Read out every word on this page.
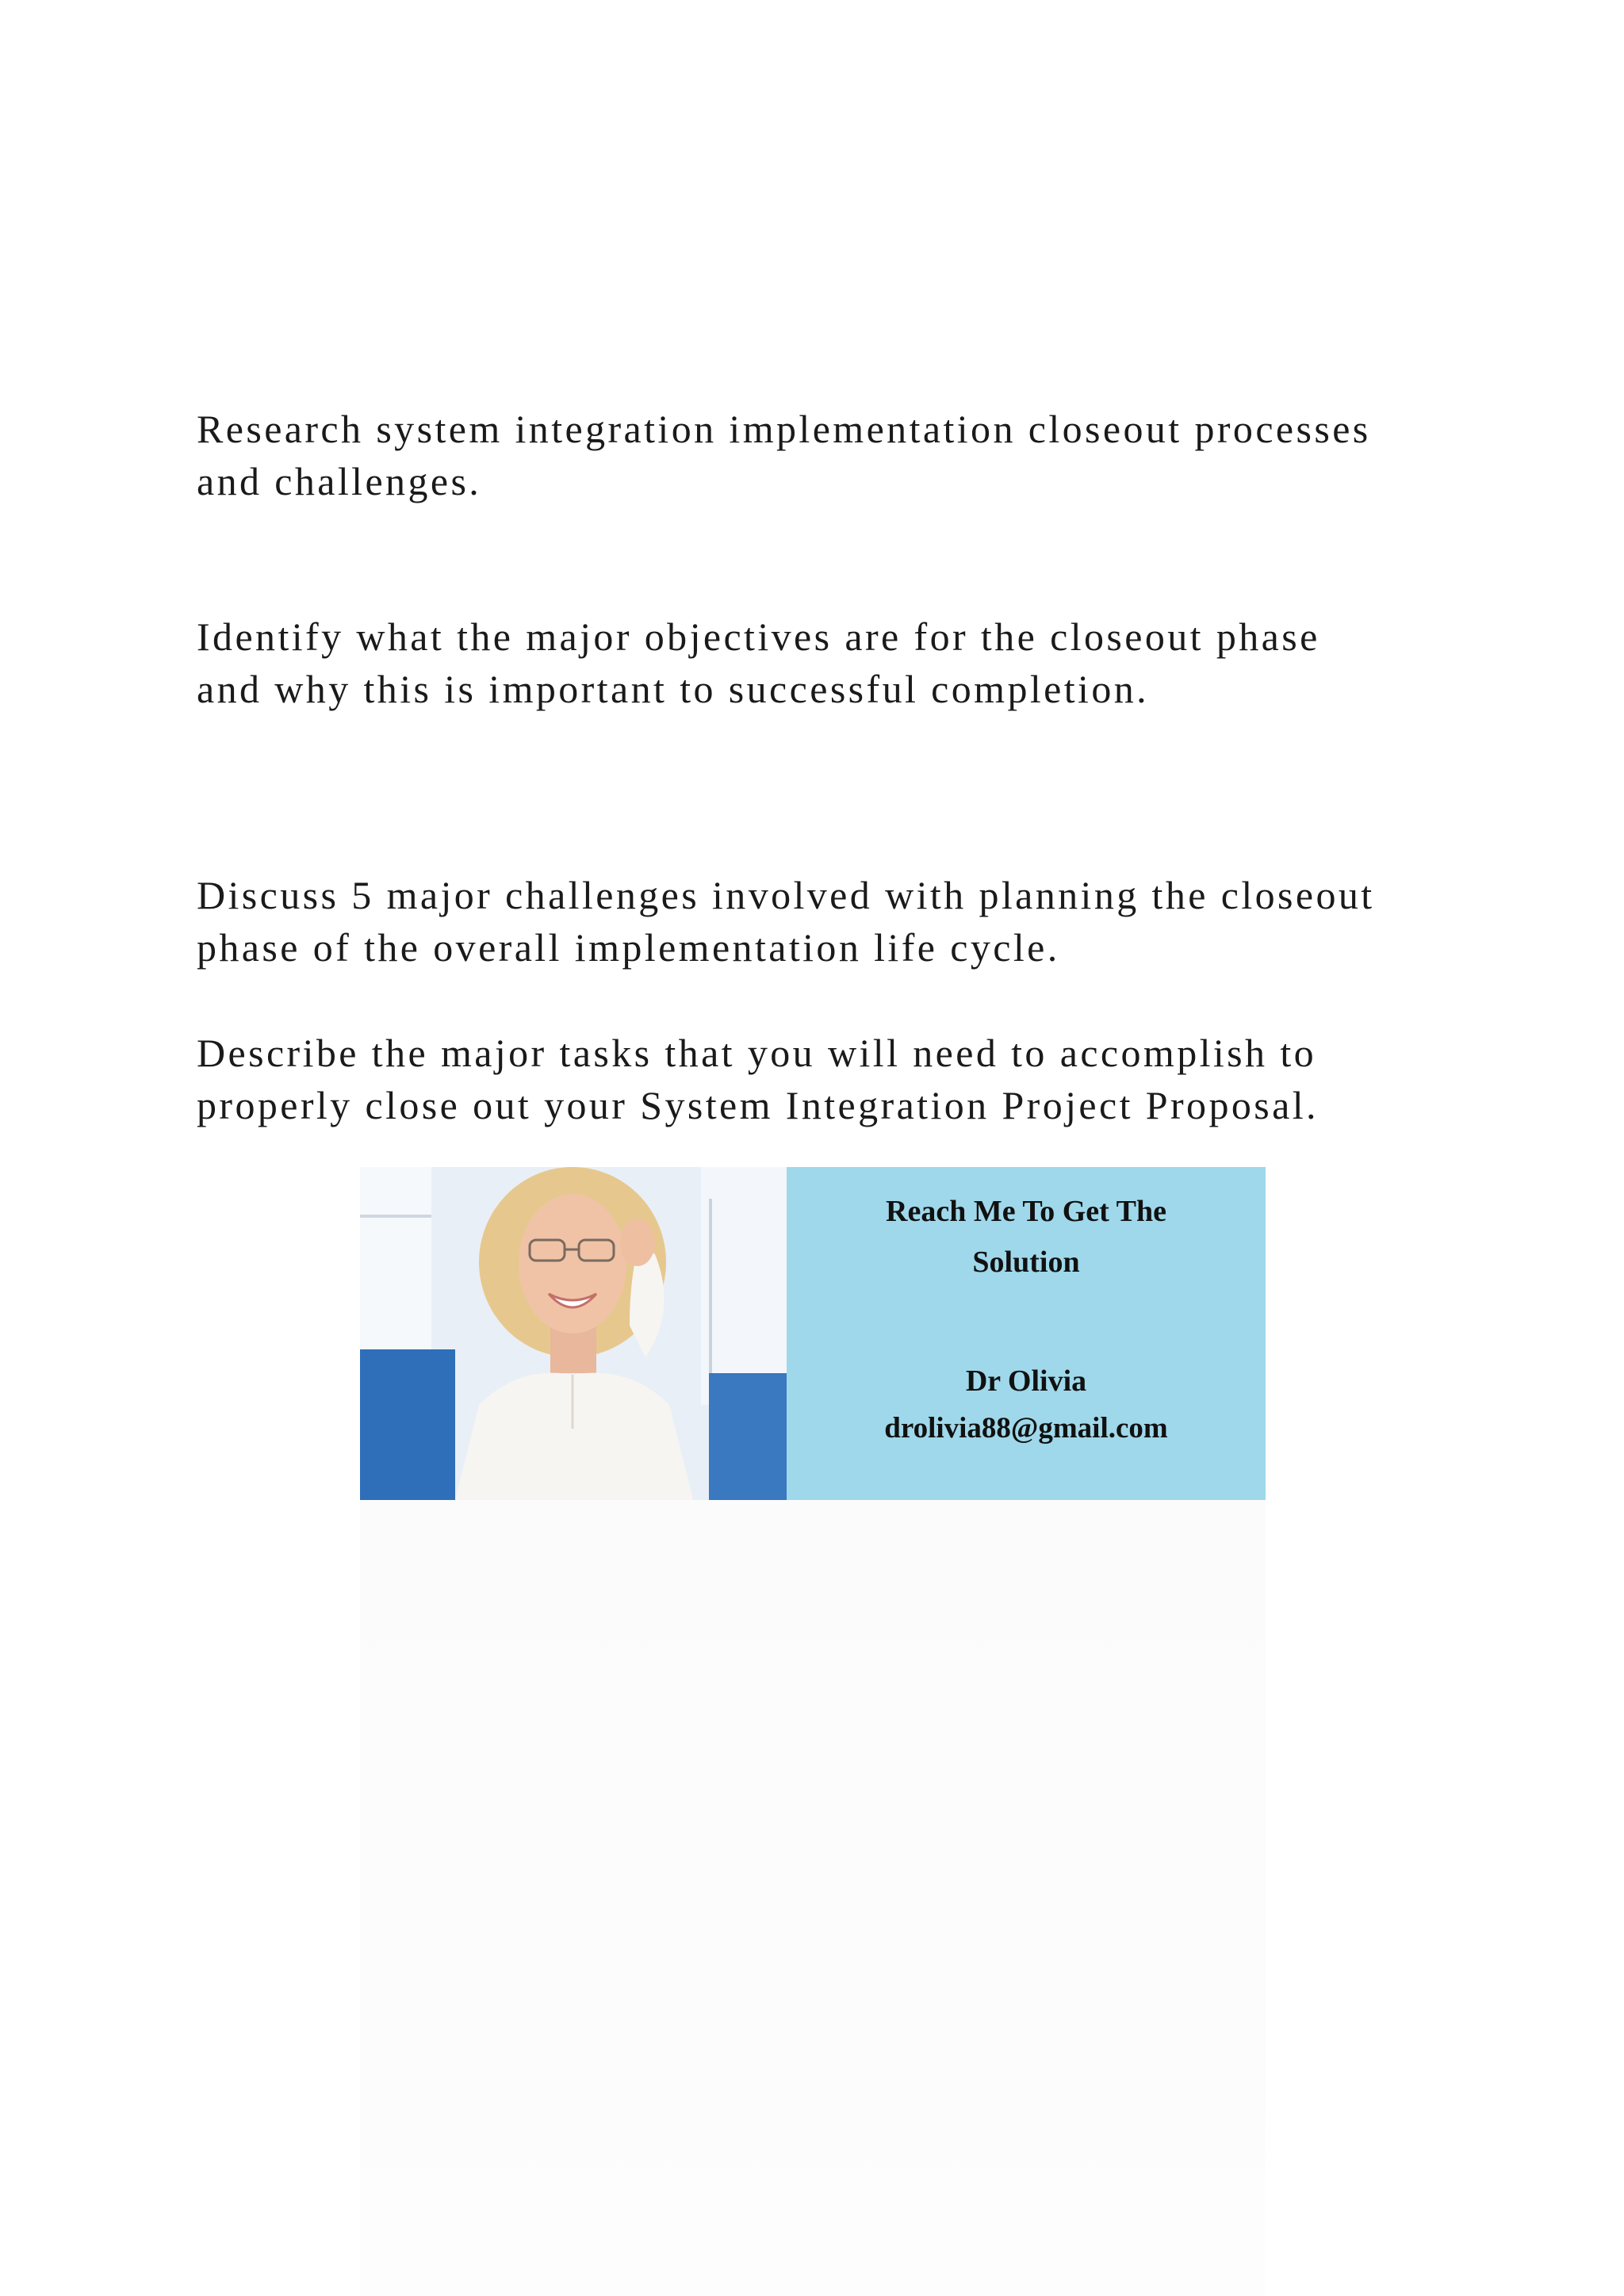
Research system integration implementation closeout processes
and challenges.

Identify what the major objectives are for the closeout phase
and why this is important to successful completion.

Discuss 5 major challenges involved with planning the closeout
phase of the overall implementation life cycle.

Describe the major tasks that you will need to accomplish to
properly close out your System Integration Project Proposal.

Reach Me To Get The
Solution
Dr Olivia
drolivia88@gmail.com
